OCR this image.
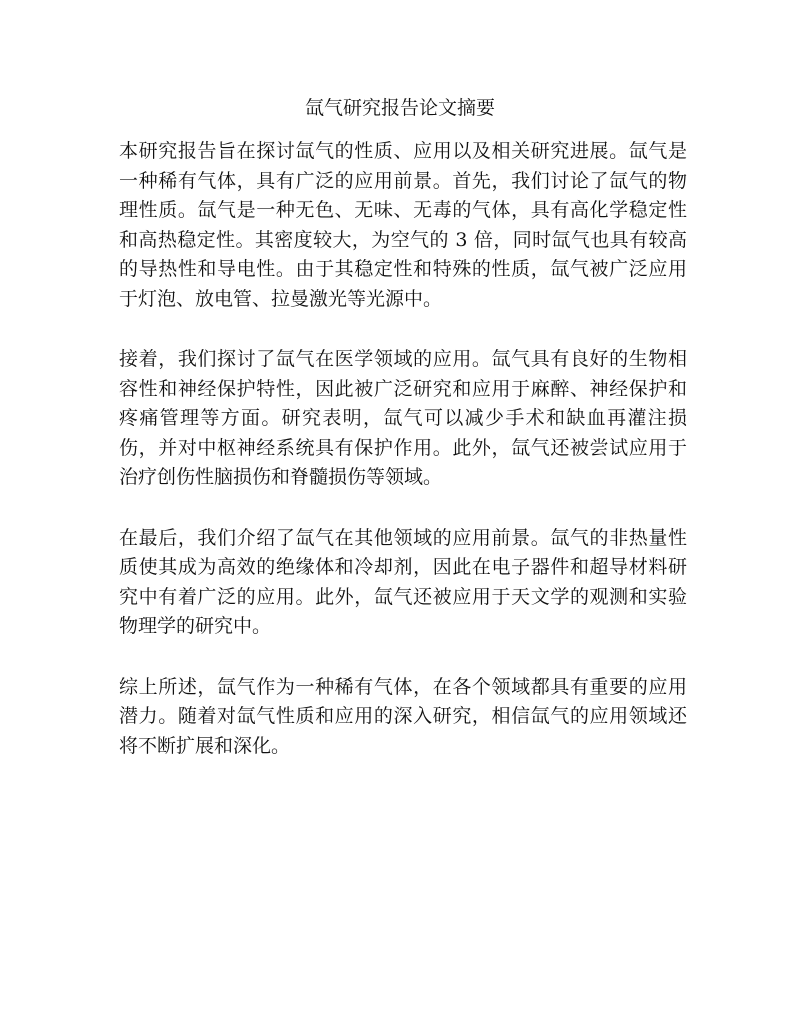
氙气研究报告论文摘要

本研究报告旨在探讨氙气的性质、应用以及相关研究进展。氙气是一种稀有气体，具有广泛的应用前景。首先，我们讨论了氙气的物理性质。氙气是一种无色、无味、无毒的气体，具有高化学稳定性和高热稳定性。其密度较大，为空气的 3 倍，同时氙气也具有较高的导热性和导电性。由于其稳定性和特殊的性质，氙气被广泛应用于灯泡、放电管、拉曼激光等光源中。

接着，我们探讨了氙气在医学领域的应用。氙气具有良好的生物相容性和神经保护特性，因此被广泛研究和应用于麻醉、神经保护和疼痛管理等方面。研究表明，氙气可以减少手术和缺血再灌注损伤，并对中枢神经系统具有保护作用。此外，氙气还被尝试应用于治疗创伤性脑损伤和脊髓损伤等领域。

在最后，我们介绍了氙气在其他领域的应用前景。氙气的非热量性质使其成为高效的绝缘体和冷却剂，因此在电子器件和超导材料研究中有着广泛的应用。此外，氙气还被应用于天文学的观测和实验物理学的研究中。

综上所述，氙气作为一种稀有气体，在各个领域都具有重要的应用潜力。随着对氙气性质和应用的深入研究，相信氙气的应用领域还将不断扩展和深化。
